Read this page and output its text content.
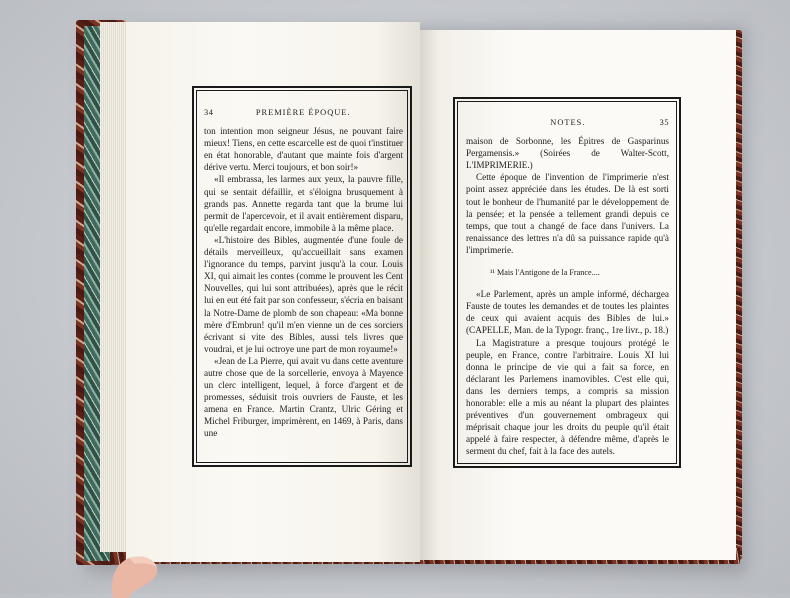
34	PREMIÈRE ÉPOQUE.

ton intention mon seigneur Jésus, ne pouvant faire mieux! Tiens, en cette escarcelle est de quoi t'instituer en état honorable, d'autant que mainte fois d'argent dérive vertu. Merci toujours, et bon soir!»

«Il embrassa, les larmes aux yeux, la pauvre fille, qui se sentait défaillir, et s'éloigna brusquement à grands pas. Annette regarda tant que la brume lui permit de l'apercevoir, et il avait entièrement disparu, qu'elle regardait encore, immobile à la même place.

«L'histoire des Bibles, augmentée d'une foule de détails merveilleux, qu'accueillait sans examen l'ignorance du temps, parvint jusqu'à la cour. Louis XI, qui aimait les contes (comme le prouvent les Cent Nouvelles, qui lui sont attribuées), après que le récit lui en eut été fait par son confesseur, s'écria en baisant la Notre-Dame de plomb de son chapeau: «Ma bonne mère d'Embrun! qu'il m'en vienne un de ces sorciers écrivant si vite des Bibles, aussi tels livres que voudrai, et je lui octroye une part de mon royaume!»

«Jean de La Pierre, qui avait vu dans cette aventure autre chose que de la sorcellerie, envoya à Mayence un clerc intelligent, lequel, à force d'argent et de promesses, séduisit trois ouvriers de Fauste, et les amena en France. Martin Crantz, Ulric Géring et Michel Friburger, imprimèrent, en 1469, à Paris, dans une

NOTES.	35

maison de Sorbonne, les Épitres de Gasparinus Pergamensis.» (Soirées de Walter-Scott, L'IMPRIMERIE.)

Cette époque de l'invention de l'imprimerie n'est point assez appréciée dans les études. De là est sorti tout le bonheur de l'humanité par le développement de la pensée; et la pensée a tellement grandi depuis ce temps, que tout a changé de face dans l'univers. La renaissance des lettres n'a dû sa puissance rapide qu'à l'imprimerie.

¹¹ Mais l'Antigone de la France....

«Le Parlement, après un ample informé, déchargea Fauste de toutes les demandes et de toutes les plaintes de ceux qui avaient acquis des Bibles de lui.» (CAPELLE, Man. de la Typogr. franç., 1re livr., p. 18.)

La Magistrature a presque toujours protégé le peuple, en France, contre l'arbitraire. Louis XI lui donna le principe de vie qui a fait sa force, en déclarant les Parlemens inamovibles. C'est elle qui, dans les derniers temps, a compris sa mission honorable: elle a mis au néant la plupart des plaintes préventives d'un gouvernement ombrageux qui méprisait chaque jour les droits du peuple qu'il était appelé à faire respecter, à défendre même, d'après le serment du chef, fait à la face des autels.
